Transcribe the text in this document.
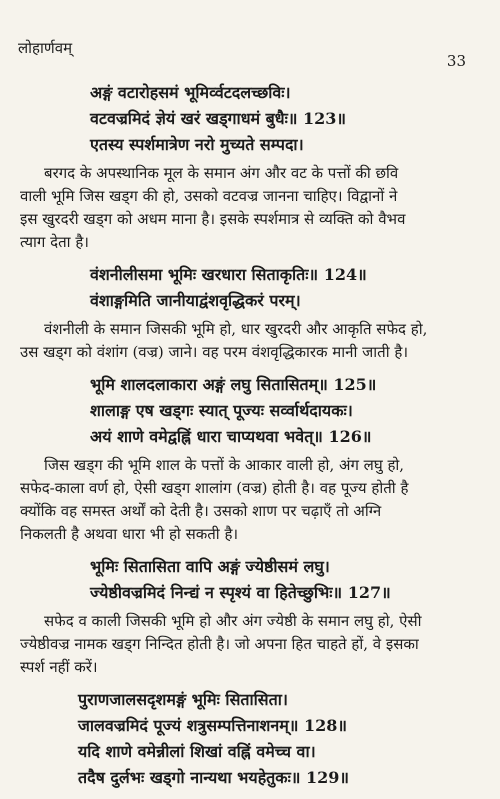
लोहार्णवम्
33
अङ्गं वटारोहसमं भूमिर्व्वटदलच्छविः।
वटवज्रमिदं ज्ञेयं खरं खड्गाधमं बुधैः॥ 123॥
एतस्य स्पर्शमात्रेण नरो मुच्यते सम्पदा।
बरगद के अपस्थानिक मूल के समान अंग और वट के पत्तों की छवि
वाली भूमि जिस खड्ग की हो, उसको वटवज्र जानना चाहिए। विद्वानों ने
इस खुरदरी खड्ग को अधम माना है। इसके स्पर्शमात्र से व्यक्ति को वैभव
त्याग देता है।
वंशनीलीसमा भूमिः खरधारा सिताकृतिः॥ 124॥
वंशाङ्गमिति जानीयाद्वंशवृद्धिकरं परम्।
वंशनीली के समान जिसकी भूमि हो, धार खुरदरी और आकृति सफेद हो,
उस खड्ग को वंशांग (वज्र) जाने। वह परम वंशवृद्धिकारक मानी जाती है।
भूमि शालदलाकारा अङ्गं लघु सितासितम्॥ 125॥
शालाङ्ग एष खड्गः स्यात् पूज्यः सर्व्वार्थदायकः।
अयं शाणे वमेद्वह्निं धारा चाप्यथवा भवेत्॥ 126॥
जिस खड्ग की भूमि शाल के पत्तों के आकार वाली हो, अंग लघु हो,
सफेद-काला वर्ण हो, ऐसी खड्ग शालांग (वज्र) होती है। वह पूज्य होती है
क्योंकि वह समस्त अर्थों को देती है। उसको शाण पर चढ़ाएँ तो अग्नि
निकलती है अथवा धारा भी हो सकती है।
भूमिः सितासिता वापि अङ्गं ज्येष्ठीसमं लघु।
ज्येष्ठीवज्रमिदं निन्द्यं न स्पृश्यं वा हितेच्छुभिः॥ 127॥
सफेद व काली जिसकी भूमि हो और अंग ज्येष्ठी के समान लघु हो, ऐसी
ज्येष्ठीवज्र नामक खड्ग निन्दित होती है। जो अपना हित चाहते हों, वे इसका
स्पर्श नहीं करें।
पुराणजालसदृशमङ्गं भूमिः सितासिता।
जालवज्रमिदं पूज्यं शत्रुसम्पत्तिनाशनम्॥ 128॥
यदि शाणे वमेन्नीलां शिखां वह्निं वमेच्च वा।
तदैष दुर्लभः खड्गो नान्यथा भयहेतुकः॥ 129॥
